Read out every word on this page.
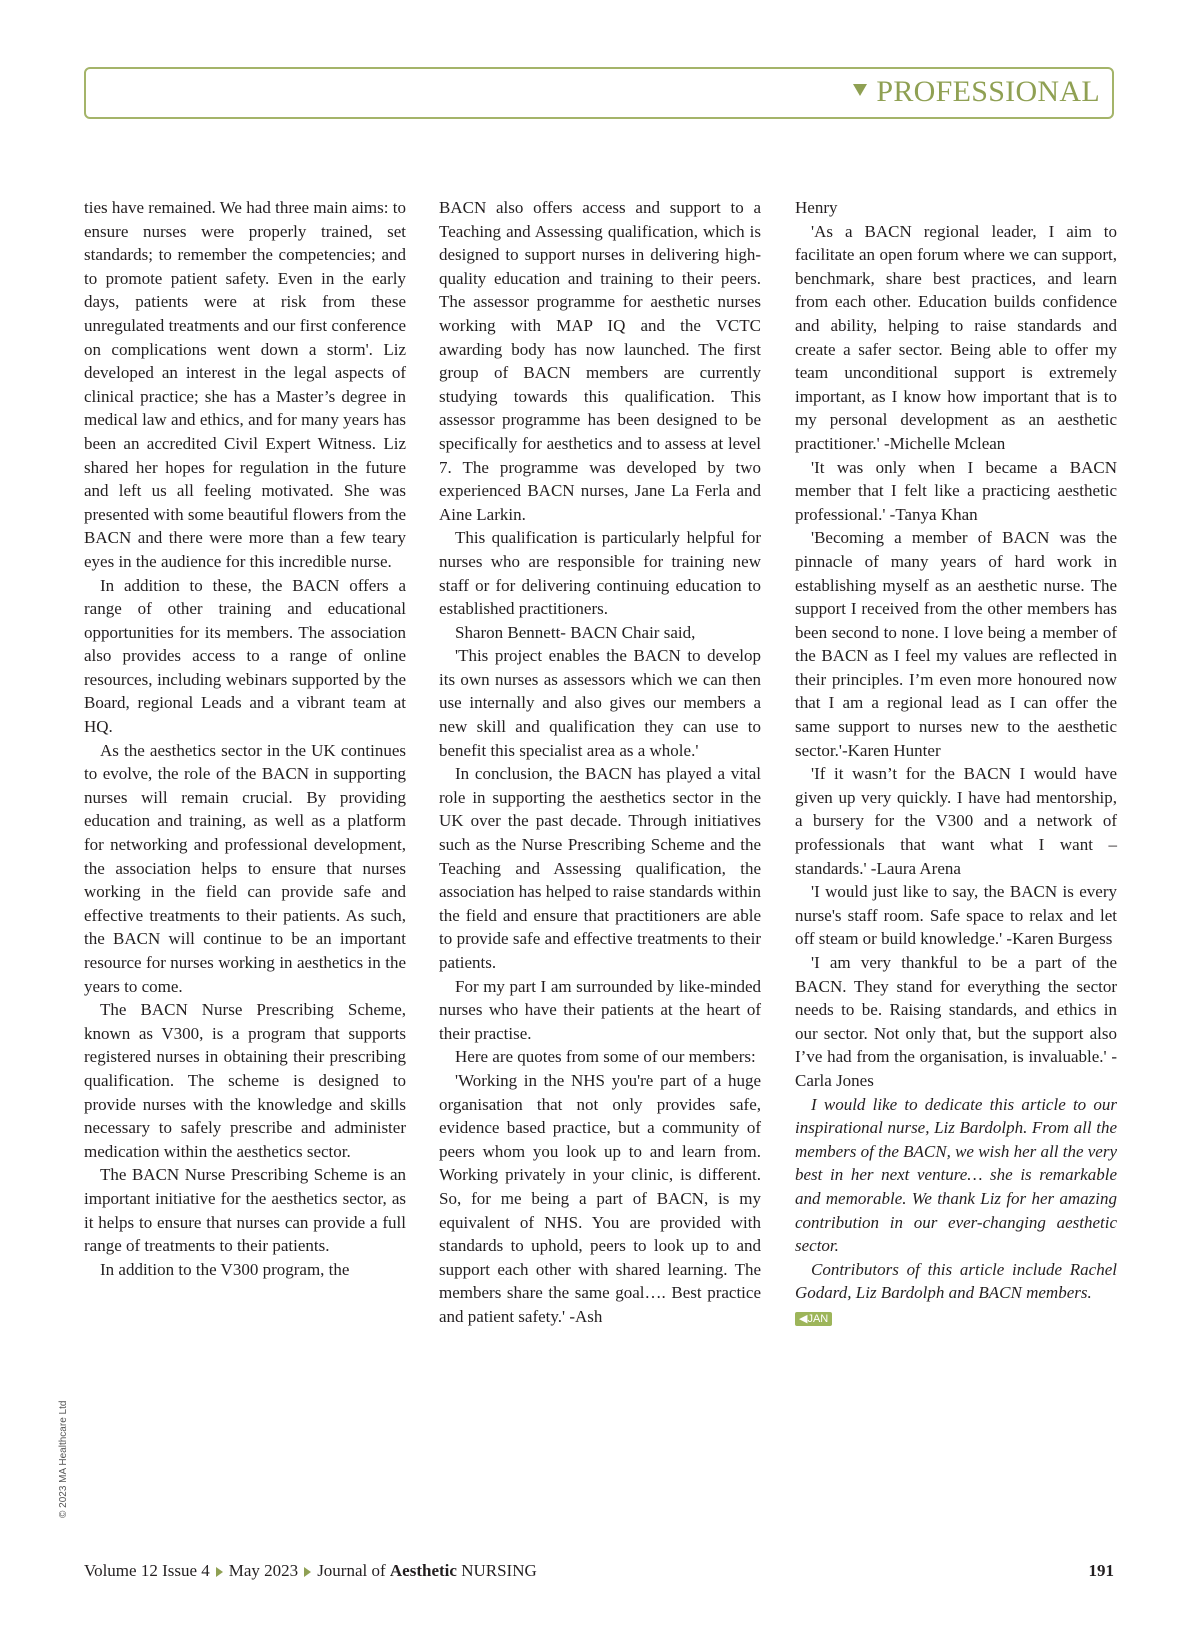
PROFESSIONAL

ties have remained. We had three main aims: to ensure nurses were properly trained, set standards; to remember the competencies; and to promote patient safety. Even in the early days, patients were at risk from these unregulated treatments and our first conference on complications went down a storm'. Liz developed an interest in the legal aspects of clinical practice; she has a Master’s degree in medical law and ethics, and for many years has been an accredited Civil Expert Witness. Liz shared her hopes for regulation in the future and left us all feeling motivated. She was presented with some beautiful flowers from the BACN and there were more than a few teary eyes in the audience for this incredible nurse.

In addition to these, the BACN offers a range of other training and educational opportunities for its members. The association also provides access to a range of online resources, including webinars supported by the Board, regional Leads and a vibrant team at HQ.

As the aesthetics sector in the UK continues to evolve, the role of the BACN in supporting nurses will remain crucial. By providing education and training, as well as a platform for networking and professional development, the association helps to ensure that nurses working in the field can provide safe and effective treatments to their patients. As such, the BACN will continue to be an important resource for nurses working in aesthetics in the years to come.

The BACN Nurse Prescribing Scheme, known as V300, is a program that supports registered nurses in obtaining their prescribing qualification. The scheme is designed to provide nurses with the knowledge and skills necessary to safely prescribe and administer medication within the aesthetics sector.

The BACN Nurse Prescribing Scheme is an important initiative for the aesthetics sector, as it helps to ensure that nurses can provide a full range of treatments to their patients.

In addition to the V300 program, the

BACN also offers access and support to a Teaching and Assessing qualification, which is designed to support nurses in delivering high-quality education and training to their peers. The assessor programme for aesthetic nurses working with MAP IQ and the VCTC awarding body has now launched. The first group of BACN members are currently studying towards this qualification. This assessor programme has been designed to be specifically for aesthetics and to assess at level 7. The programme was developed by two experienced BACN nurses, Jane La Ferla and Aine Larkin.

This qualification is particularly helpful for nurses who are responsible for training new staff or for delivering continuing education to established practitioners.

Sharon Bennett- BACN Chair said,

'This project enables the BACN to develop its own nurses as assessors which we can then use internally and also gives our members a new skill and qualification they can use to benefit this specialist area as a whole.'

In conclusion, the BACN has played a vital role in supporting the aesthetics sector in the UK over the past decade. Through initiatives such as the Nurse Prescribing Scheme and the Teaching and Assessing qualification, the association has helped to raise standards within the field and ensure that practitioners are able to provide safe and effective treatments to their patients.

For my part I am surrounded by like-minded nurses who have their patients at the heart of their practise.

Here are quotes from some of our members:

'Working in the NHS you're part of a huge organisation that not only provides safe, evidence based practice, but a community of peers whom you look up to and learn from. Working privately in your clinic, is different. So, for me being a part of BACN, is my equivalent of NHS. You are provided with standards to uphold, peers to look up to and support each other with shared learning. The members share the same goal…. Best practice and patient safety.' -Ash

Henry

'As a BACN regional leader, I aim to facilitate an open forum where we can support, benchmark, share best practices, and learn from each other. Education builds confidence and ability, helping to raise standards and create a safer sector. Being able to offer my team unconditional support is extremely important, as I know how important that is to my personal development as an aesthetic practitioner.' -Michelle Mclean

'It was only when I became a BACN member that I felt like a practicing aesthetic professional.' -Tanya Khan

'Becoming a member of BACN was the pinnacle of many years of hard work in establishing myself as an aesthetic nurse. The support I received from the other members has been second to none. I love being a member of the BACN as I feel my values are reflected in their principles. I’m even more honoured now that I am a regional lead as I can offer the same support to nurses new to the aesthetic sector.'-Karen Hunter

'If it wasn’t for the BACN I would have given up very quickly. I have had mentorship, a bursery for the V300 and a network of professionals that want what I want – standards.' -Laura Arena

'I would just like to say, the BACN is every nurse's staff room. Safe space to relax and let off steam or build knowledge.' -Karen Burgess

'I am very thankful to be a part of the BACN. They stand for everything the sector needs to be. Raising standards, and ethics in our sector. Not only that, but the support also I’ve had from the organisation, is invaluable.' -Carla Jones

I would like to dedicate this article to our inspirational nurse, Liz Bardolph. From all the members of the BACN, we wish her all the very best in her next venture… she is remarkable and memorable. We thank Liz for her amazing contribution in our ever-changing aesthetic sector.

Contributors of this article include Rachel Godard, Liz Bardolph and BACN members.

◀JAN
© 2023 MA Healthcare Ltd
Volume 12 Issue 4 May 2023 Journal of Aesthetic NURSING	191
